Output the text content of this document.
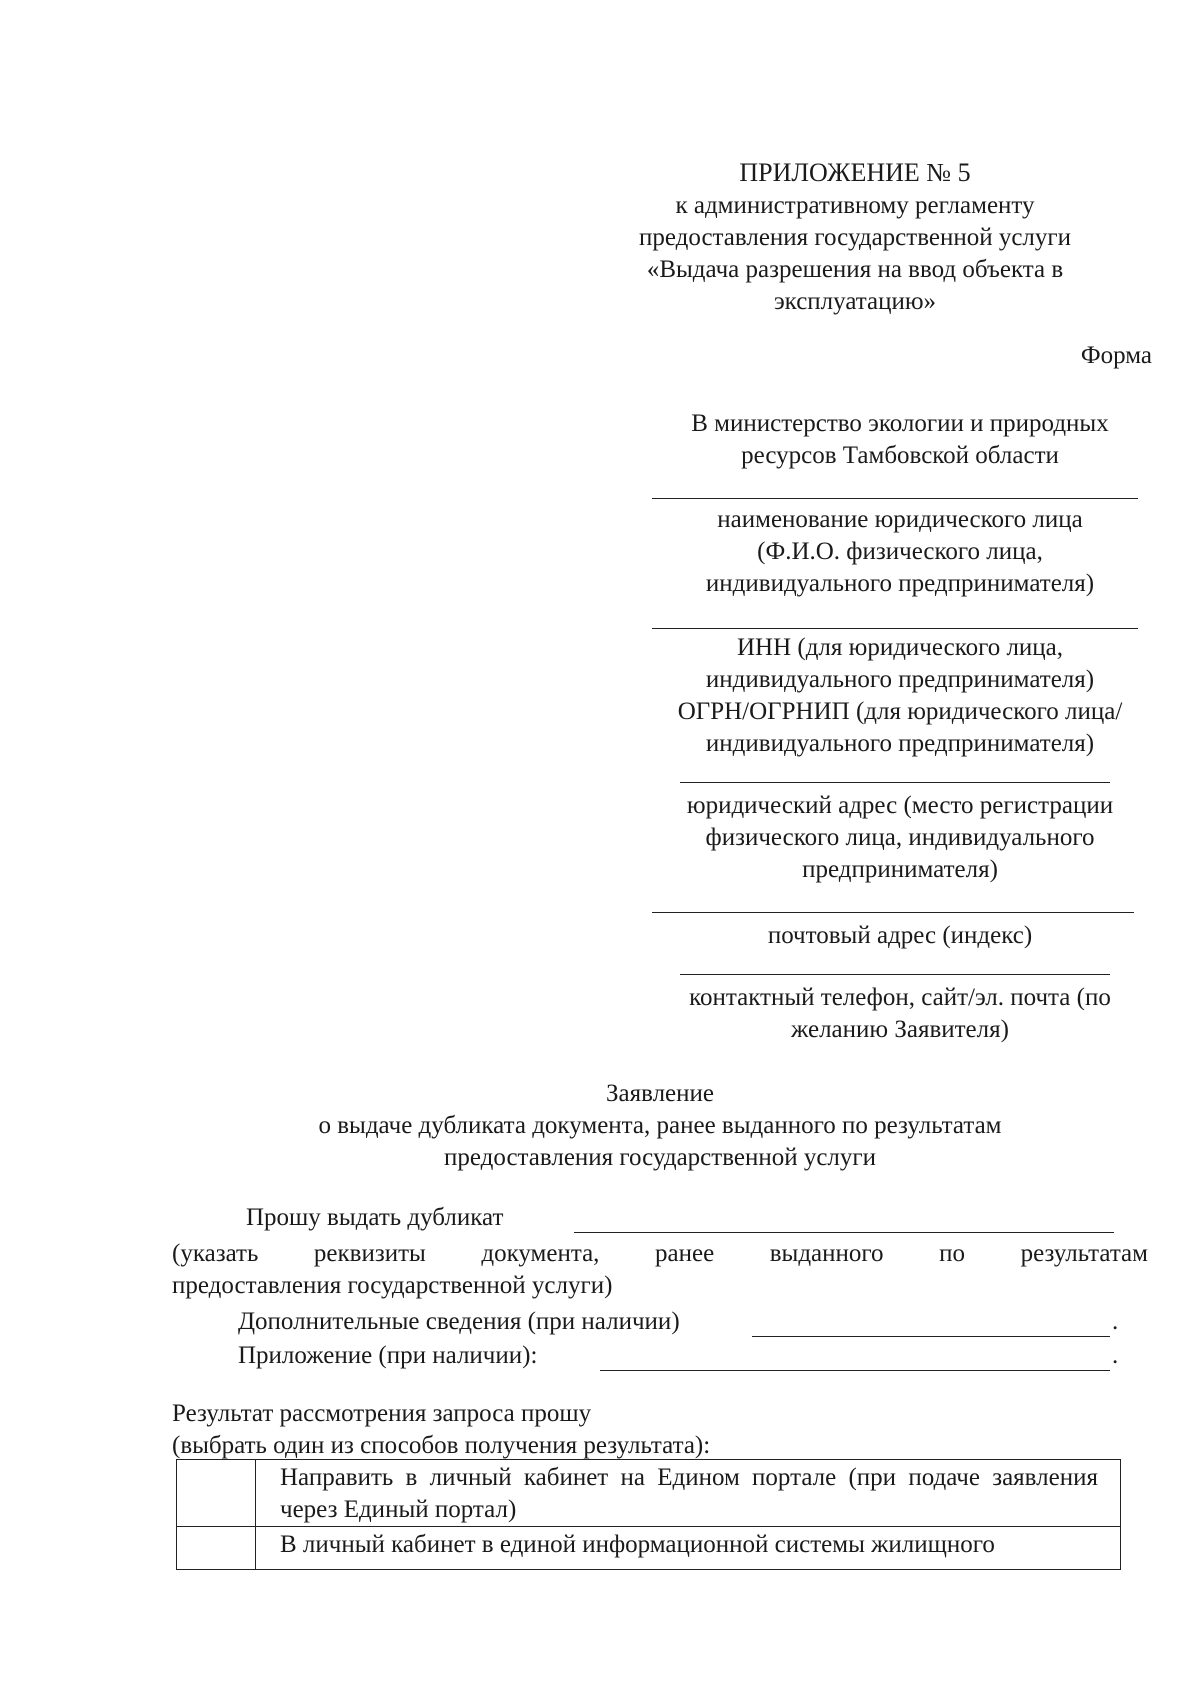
ПРИЛОЖЕНИЕ № 5
к административному регламенту
предоставления государственной услуги
«Выдача разрешения на ввод объекта в
эксплуатацию»
Форма
В министерство экологии и природных
ресурсов Тамбовской области
наименование юридического лица
(Ф.И.О. физического лица,
индивидуального предпринимателя)
ИНН (для юридического лица,
индивидуального предпринимателя)
ОГРН/ОГРНИП (для юридического лица/
индивидуального предпринимателя)
юридический адрес (место регистрации
физического лица, индивидуального
предпринимателя)
почтовый адрес (индекс)
контактный телефон, сайт/эл. почта (по
желанию Заявителя)
Заявление
о выдаче дубликата документа, ранее выданного по результатам
предоставления государственной услуги
Прошу выдать дубликат
(указать реквизиты документа, ранее выданного по результатам
предоставления государственной услуги)
Дополнительные сведения (при наличии)	.
Приложение (при наличии):	.
Результат рассмотрения запроса прошу
(выбрать один из способов получения результата):
	Направить в личный кабинет на Едином портале (при подаче заявления через Единый портал)
	В личный кабинет в единой информационной системы жилищного
